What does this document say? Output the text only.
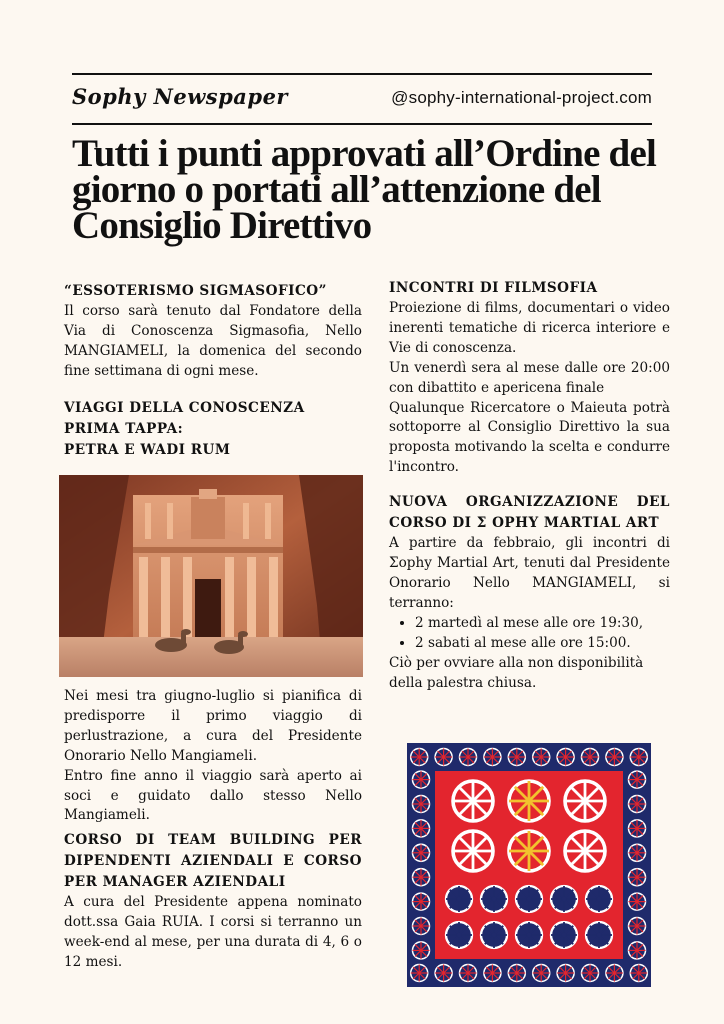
Sophy Newspaper	@sophy-international-project.com
Tutti i punti approvati all’Ordine del giorno o portati all’attenzione del Consiglio Direttivo
“ESSOTERISMO SIGMASOFICO”

Il corso sarà tenuto dal Fondatore della Via di Conoscenza Sigmasofia, Nello MANGIAMELI, la domenica del secondo fine settimana di ogni mese.

VIAGGI DELLA CONOSCENZA
PRIMA TAPPA:
PETRA E WADI RUM

Nei mesi tra giugno-luglio si pianifica di predisporre il primo viaggio di perlustrazione, a cura del Presidente Onorario Nello Mangiameli.

Entro fine anno il viaggio sarà aperto ai soci e guidato dallo stesso Nello Mangiameli.

CORSO DI TEAM BUILDING PER DIPENDENTI AZIENDALI E CORSO PER MANAGER AZIENDALI

A cura del Presidente appena nominato dott.ssa Gaia RUIA. I corsi si terranno un week-end al mese, per una durata di 4, 6 o 12 mesi.

INCONTRI DI FILMSOFIA

Proiezione di films, documentari o video inerenti tematiche di ricerca interiore e Vie di conoscenza.

Un venerdì sera al mese dalle ore 20:00 con dibattito e apericena finale

Qualunque Ricercatore o Maieuta potrà sottoporre al Consiglio Direttivo la sua proposta motivando la scelta e condurre l'incontro.

NUOVA ORGANIZZAZIONE DEL CORSO DI Σ OPHY MARTIAL ART

A partire da febbraio, gli incontri di Σophy Martial Art, tenuti dal Presidente Onorario Nello MANGIAMELI, si terranno:

• 2 martedì al mese alle ore 19:30,
• 2 sabati al mese alle ore 15:00.

Ciò per ovviare alla non disponibilità della palestra chiusa.
